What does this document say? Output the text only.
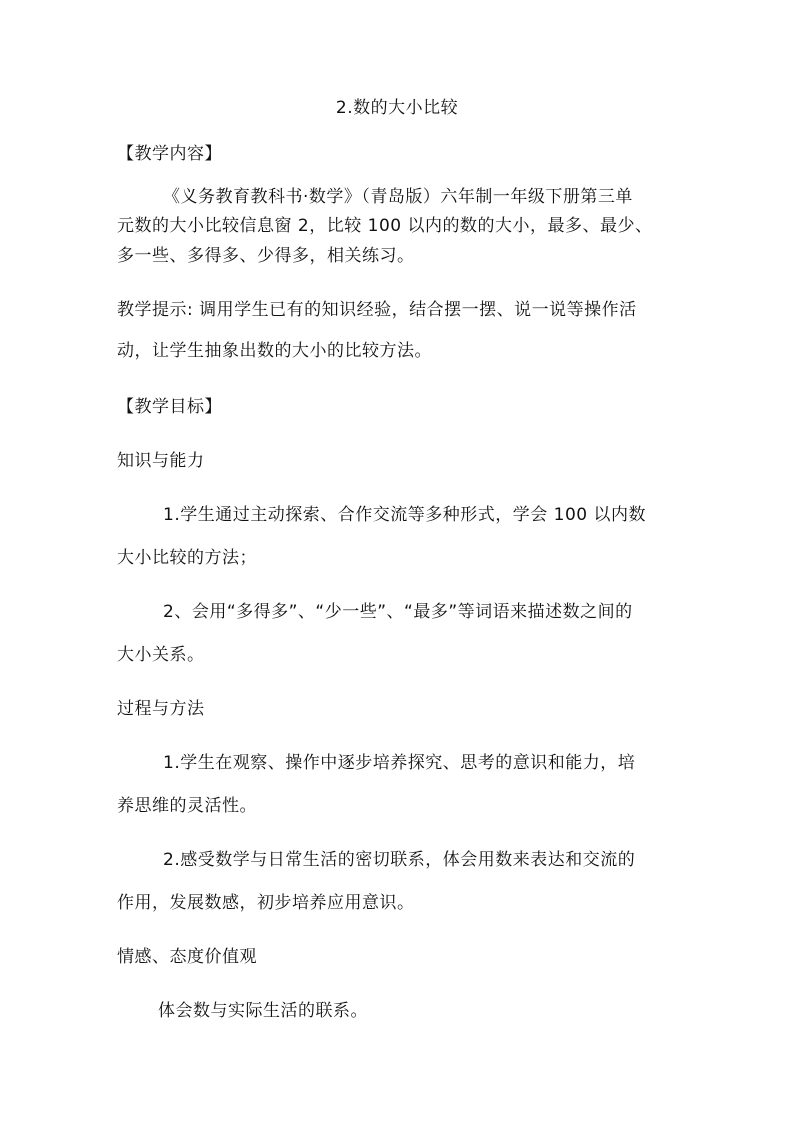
2.数的大小比较
【教学内容】
《义务教育教科书·数学》（青岛版）六年制一年级下册第三单
元数的大小比较信息窗 2，比较 100 以内的数的大小，最多、最少、
多一些、多得多、少得多，相关练习。
教学提示: 调用学生已有的知识经验，结合摆一摆、说一说等操作活
动，让学生抽象出数的大小的比较方法。
【教学目标】
知识与能力
1.学生通过主动探索、合作交流等多种形式，学会 100 以内数
大小比较的方法；
2、会用“多得多”、“少一些”、“最多”等词语来描述数之间的
大小关系。
过程与方法
1.学生在观察、操作中逐步培养探究、思考的意识和能力，培
养思维的灵活性。
2.感受数学与日常生活的密切联系，体会用数来表达和交流的
作用，发展数感，初步培养应用意识。
情感、态度价值观
体会数与实际生活的联系。
